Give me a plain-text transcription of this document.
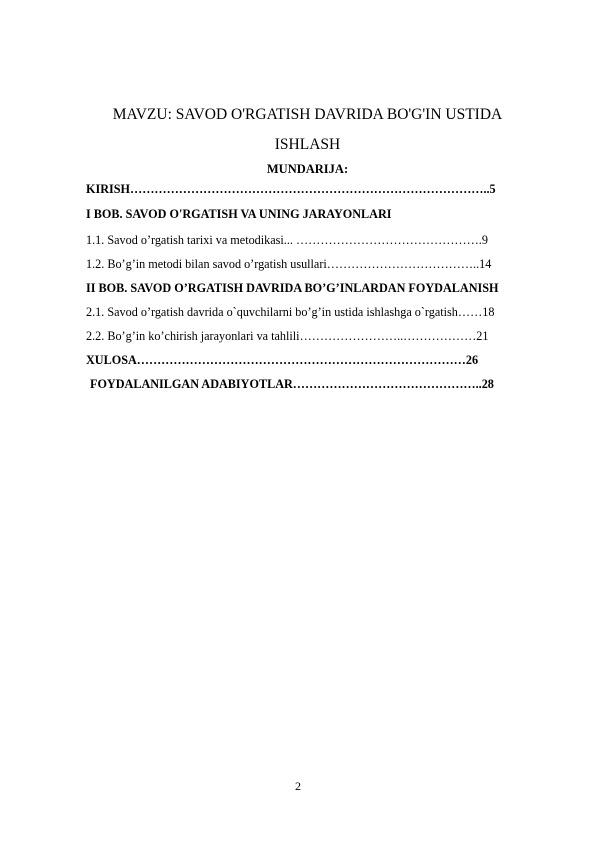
MAVZU: SAVOD O'RGATISH DAVRIDA BO'G'IN USTIDA
ISHLASH
MUNDARIJA:
KIRISH……………………………………………………………………………..5
I BOB. SAVOD O'RGATISH VA UNING JARAYONLARI
1.1. Savod o’rgatish tarixi va metodikasi... ……………………………………….9
1.2. Bo’g’in metodi bilan savod o’rgatish usullari………………………………..14
II BOB. SAVOD O’RGATISH DAVRIDA BO’G’INLARDAN FOYDALANISH
2.1. Savod o’rgatish davrida o`quvchilarni bo’g’in ustida ishlashga o`rgatish……18
2.2. Bo’g’in ko’chirish jarayonlari va tahlili……………………..………………21
XULOSA………………………………………………………………………26
FOYDALANILGAN ADABIYOTLAR………………………………………..28
2
